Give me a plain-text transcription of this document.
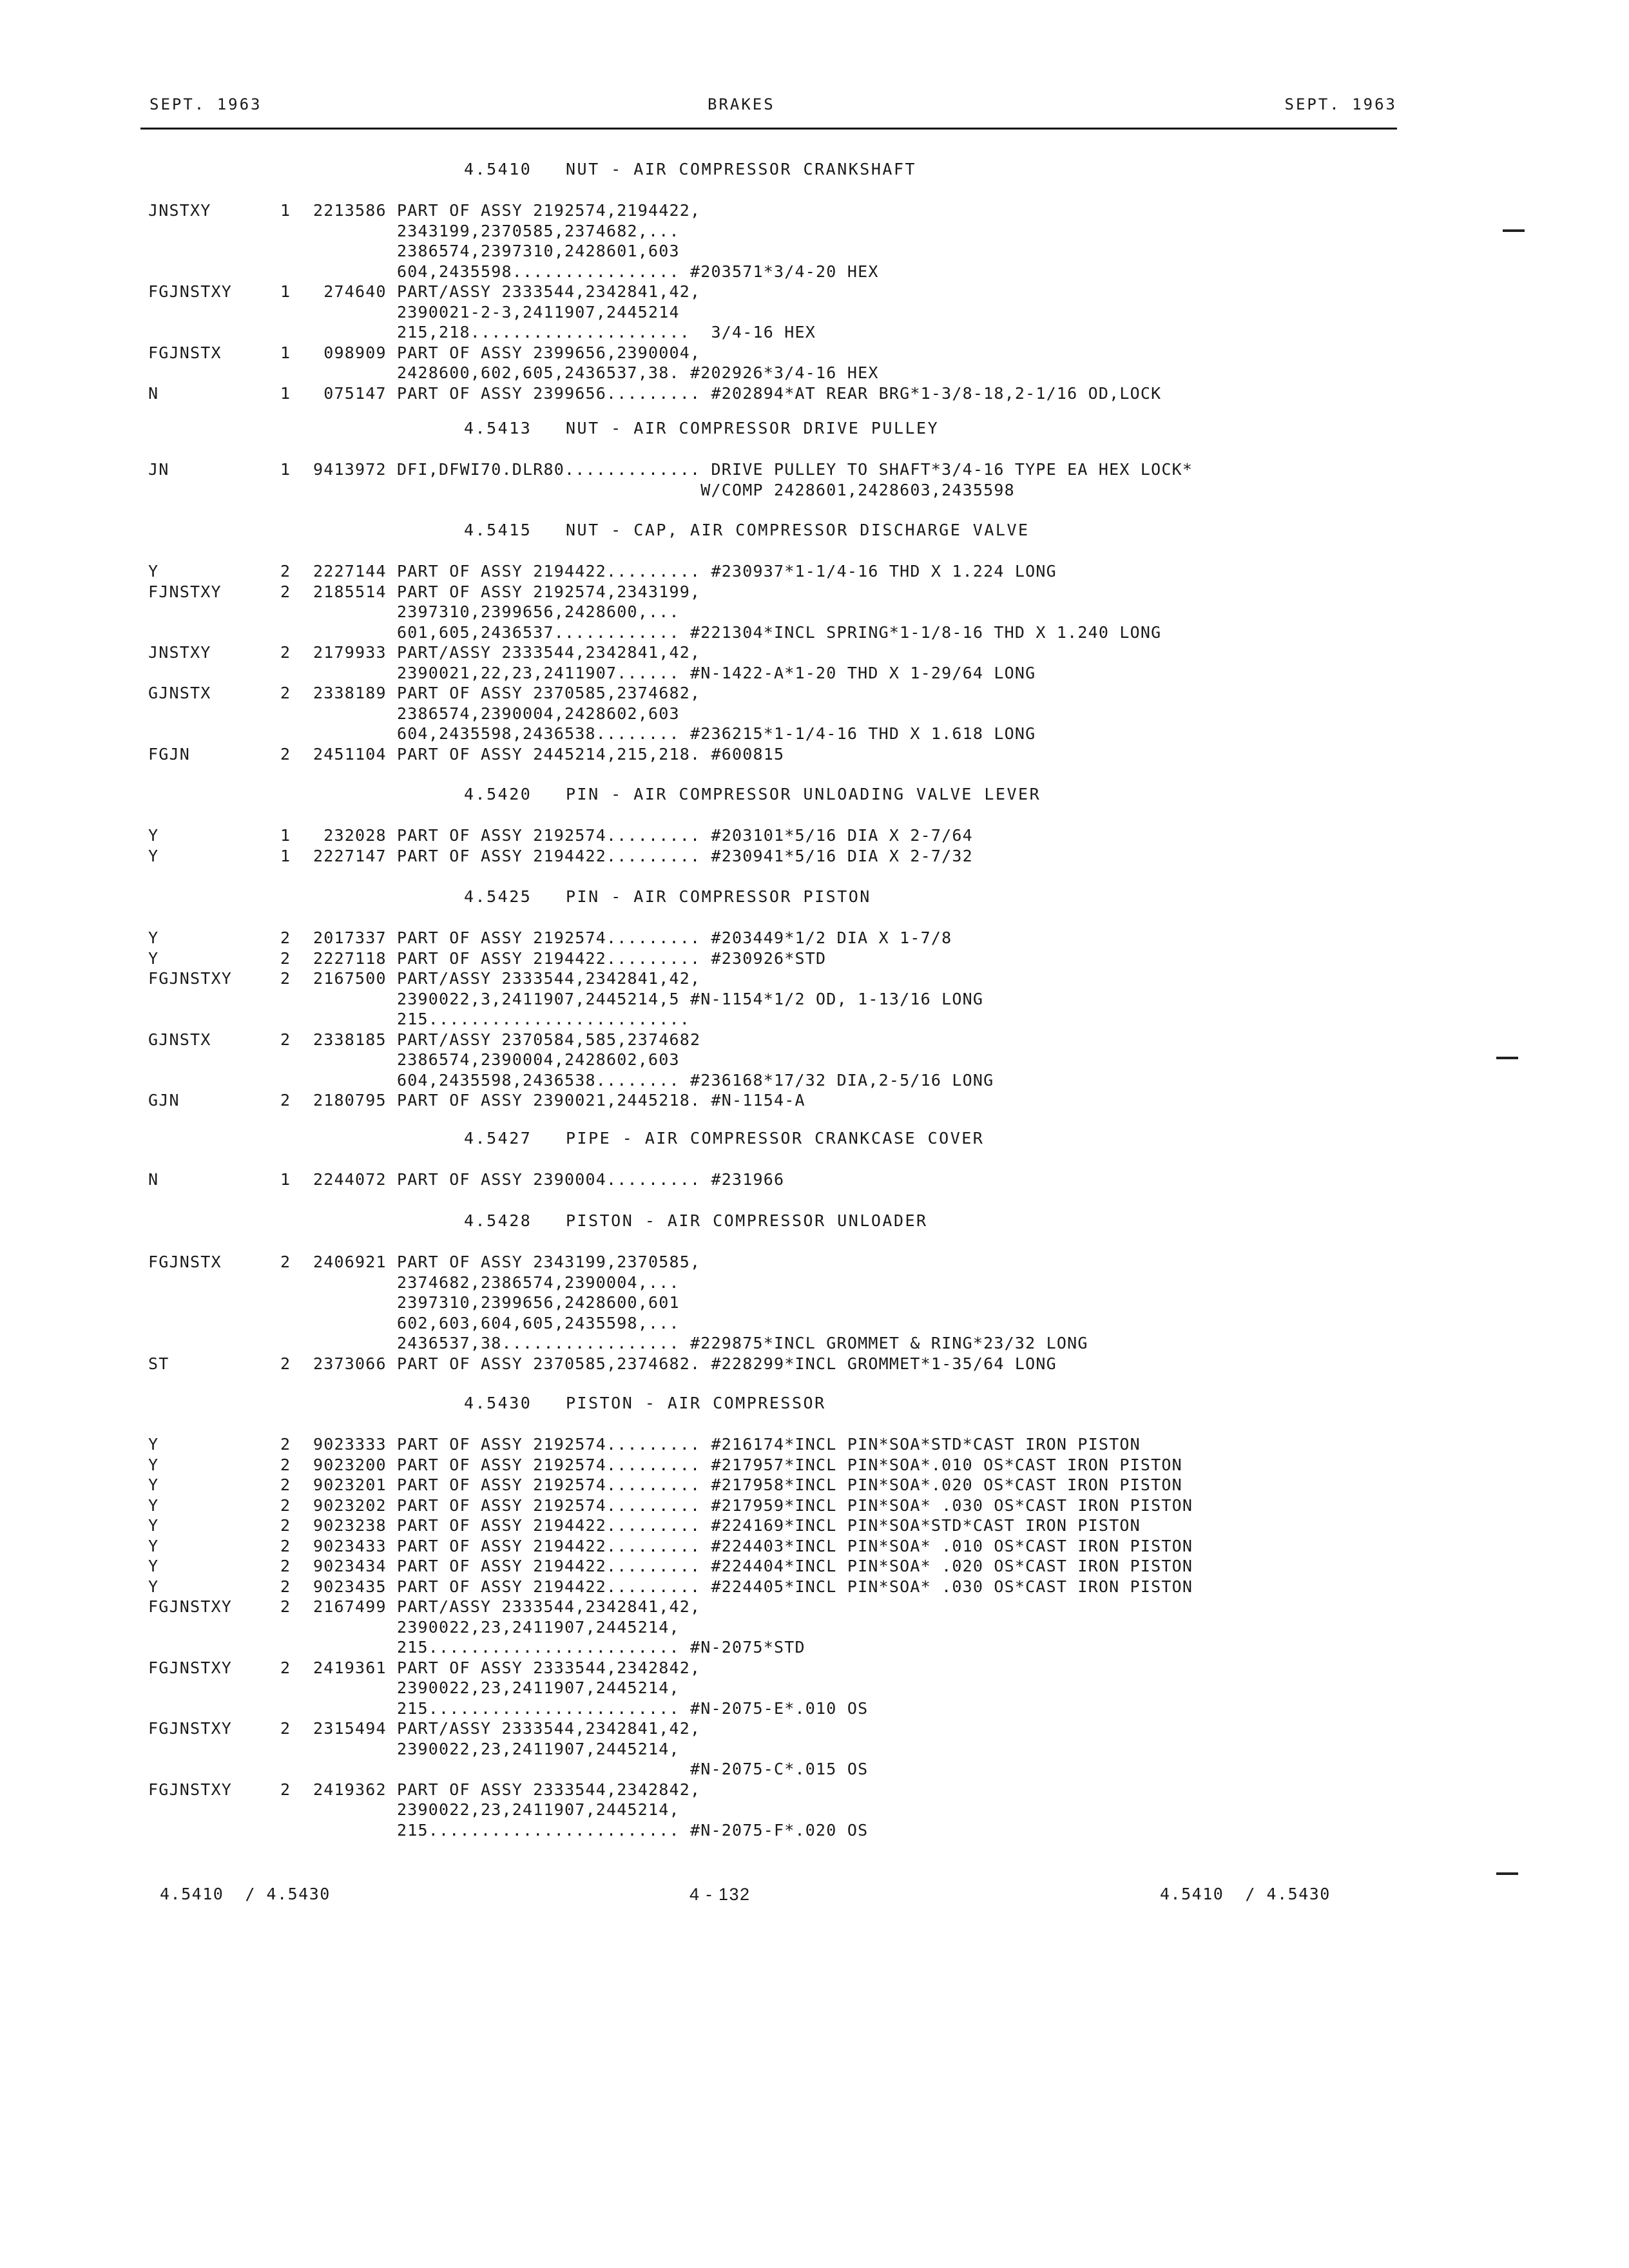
SEPT. 1963	BRAKES	SEPT. 1963
4.5410   NUT - AIR COMPRESSOR CRANKSHAFT
JNSTXY	1 2213586 PART OF ASSY 2192574,2194422,
2343199,2370585,2374682,...
2386574,2397310,2428601,603
604,2435598................ #203571*3/4-20 HEX
FGJNSTXY	1 274640 PART/ASSY 2333544,2342841,42,
2390021-2-3,2411907,2445214
215,218.....................  3/4-16 HEX
FGJNSTX	1 098909 PART OF ASSY 2399656,2390004,
2428600,602,605,2436537,38. #202926*3/4-16 HEX
N	1 075147 PART OF ASSY 2399656......... #202894*AT REAR BRG*1-3/8-18,2-1/16 OD,LOCK
4.5413   NUT - AIR COMPRESSOR DRIVE PULLEY
JN	1 9413972 DFI,DFWI70.DLR80............. DRIVE PULLEY TO SHAFT*3/4-16 TYPE EA HEX LOCK*
W/COMP 2428601,2428603,2435598
4.5415   NUT - CAP, AIR COMPRESSOR DISCHARGE VALVE
Y	2 2227144 PART OF ASSY 2194422......... #230937*1-1/4-16 THD X 1.224 LONG
FJNSTXY	2 2185514 PART OF ASSY 2192574,2343199,
2397310,2399656,2428600,...
601,605,2436537............ #221304*INCL SPRING*1-1/8-16 THD X 1.240 LONG
JNSTXY	2 2179933 PART/ASSY 2333544,2342841,42,
2390021,22,23,2411907...... #N-1422-A*1-20 THD X 1-29/64 LONG
GJNSTX	2 2338189 PART OF ASSY 2370585,2374682,
2386574,2390004,2428602,603
604,2435598,2436538........ #236215*1-1/4-16 THD X 1.618 LONG
FGJN	2 2451104 PART OF ASSY 2445214,215,218. #600815
4.5420   PIN - AIR COMPRESSOR UNLOADING VALVE LEVER
Y	1 232028 PART OF ASSY 2192574......... #203101*5/16 DIA X 2-7/64
Y	1 2227147 PART OF ASSY 2194422......... #230941*5/16 DIA X 2-7/32
4.5425   PIN - AIR COMPRESSOR PISTON
Y	2 2017337 PART OF ASSY 2192574......... #203449*1/2 DIA X 1-7/8
Y	2 2227118 PART OF ASSY 2194422......... #230926*STD
FGJNSTXY	2 2167500 PART/ASSY 2333544,2342841,42,
2390022,3,2411907,2445214,5 #N-1154*1/2 OD, 1-13/16 LONG
215.........................
GJNSTX	2 2338185 PART/ASSY 2370584,585,2374682
2386574,2390004,2428602,603
604,2435598,2436538........ #236168*17/32 DIA,2-5/16 LONG
GJN	2 2180795 PART OF ASSY 2390021,2445218. #N-1154-A
4.5427   PIPE - AIR COMPRESSOR CRANKCASE COVER
N	1 2244072 PART OF ASSY 2390004......... #231966
4.5428   PISTON - AIR COMPRESSOR UNLOADER
FGJNSTX	2 2406921 PART OF ASSY 2343199,2370585,
2374682,2386574,2390004,...
2397310,2399656,2428600,601
602,603,604,605,2435598,...
2436537,38................. #229875*INCL GROMMET & RING*23/32 LONG
ST	2 2373066 PART OF ASSY 2370585,2374682. #228299*INCL GROMMET*1-35/64 LONG
4.5430   PISTON - AIR COMPRESSOR
Y	2 9023333 PART OF ASSY 2192574......... #216174*INCL PIN*SOA*STD*CAST IRON PISTON
Y	2 9023200 PART OF ASSY 2192574......... #217957*INCL PIN*SOA*.010 OS*CAST IRON PISTON
Y	2 9023201 PART OF ASSY 2192574......... #217958*INCL PIN*SOA*.020 OS*CAST IRON PISTON
Y	2 9023202 PART OF ASSY 2192574......... #217959*INCL PIN*SOA* .030 OS*CAST IRON PISTON
Y	2 9023238 PART OF ASSY 2194422......... #224169*INCL PIN*SOA*STD*CAST IRON PISTON
Y	2 9023433 PART OF ASSY 2194422......... #224403*INCL PIN*SOA* .010 OS*CAST IRON PISTON
Y	2 9023434 PART OF ASSY 2194422......... #224404*INCL PIN*SOA* .020 OS*CAST IRON PISTON
Y	2 9023435 PART OF ASSY 2194422......... #224405*INCL PIN*SOA* .030 OS*CAST IRON PISTON
FGJNSTXY	2 2167499 PART/ASSY 2333544,2342841,42,
2390022,23,2411907,2445214,
215........................ #N-2075*STD
FGJNSTXY	2 2419361 PART OF ASSY 2333544,2342842,
2390022,23,2411907,2445214,
215........................ #N-2075-E*.010 OS
FGJNSTXY	2 2315494 PART/ASSY 2333544,2342841,42,
2390022,23,2411907,2445214,
#N-2075-C*.015 OS
FGJNSTXY	2 2419362 PART OF ASSY 2333544,2342842,
2390022,23,2411907,2445214,
215........................ #N-2075-F*.020 OS
4.5410  / 4.5430	4 - 132	4.5410  / 4.5430
